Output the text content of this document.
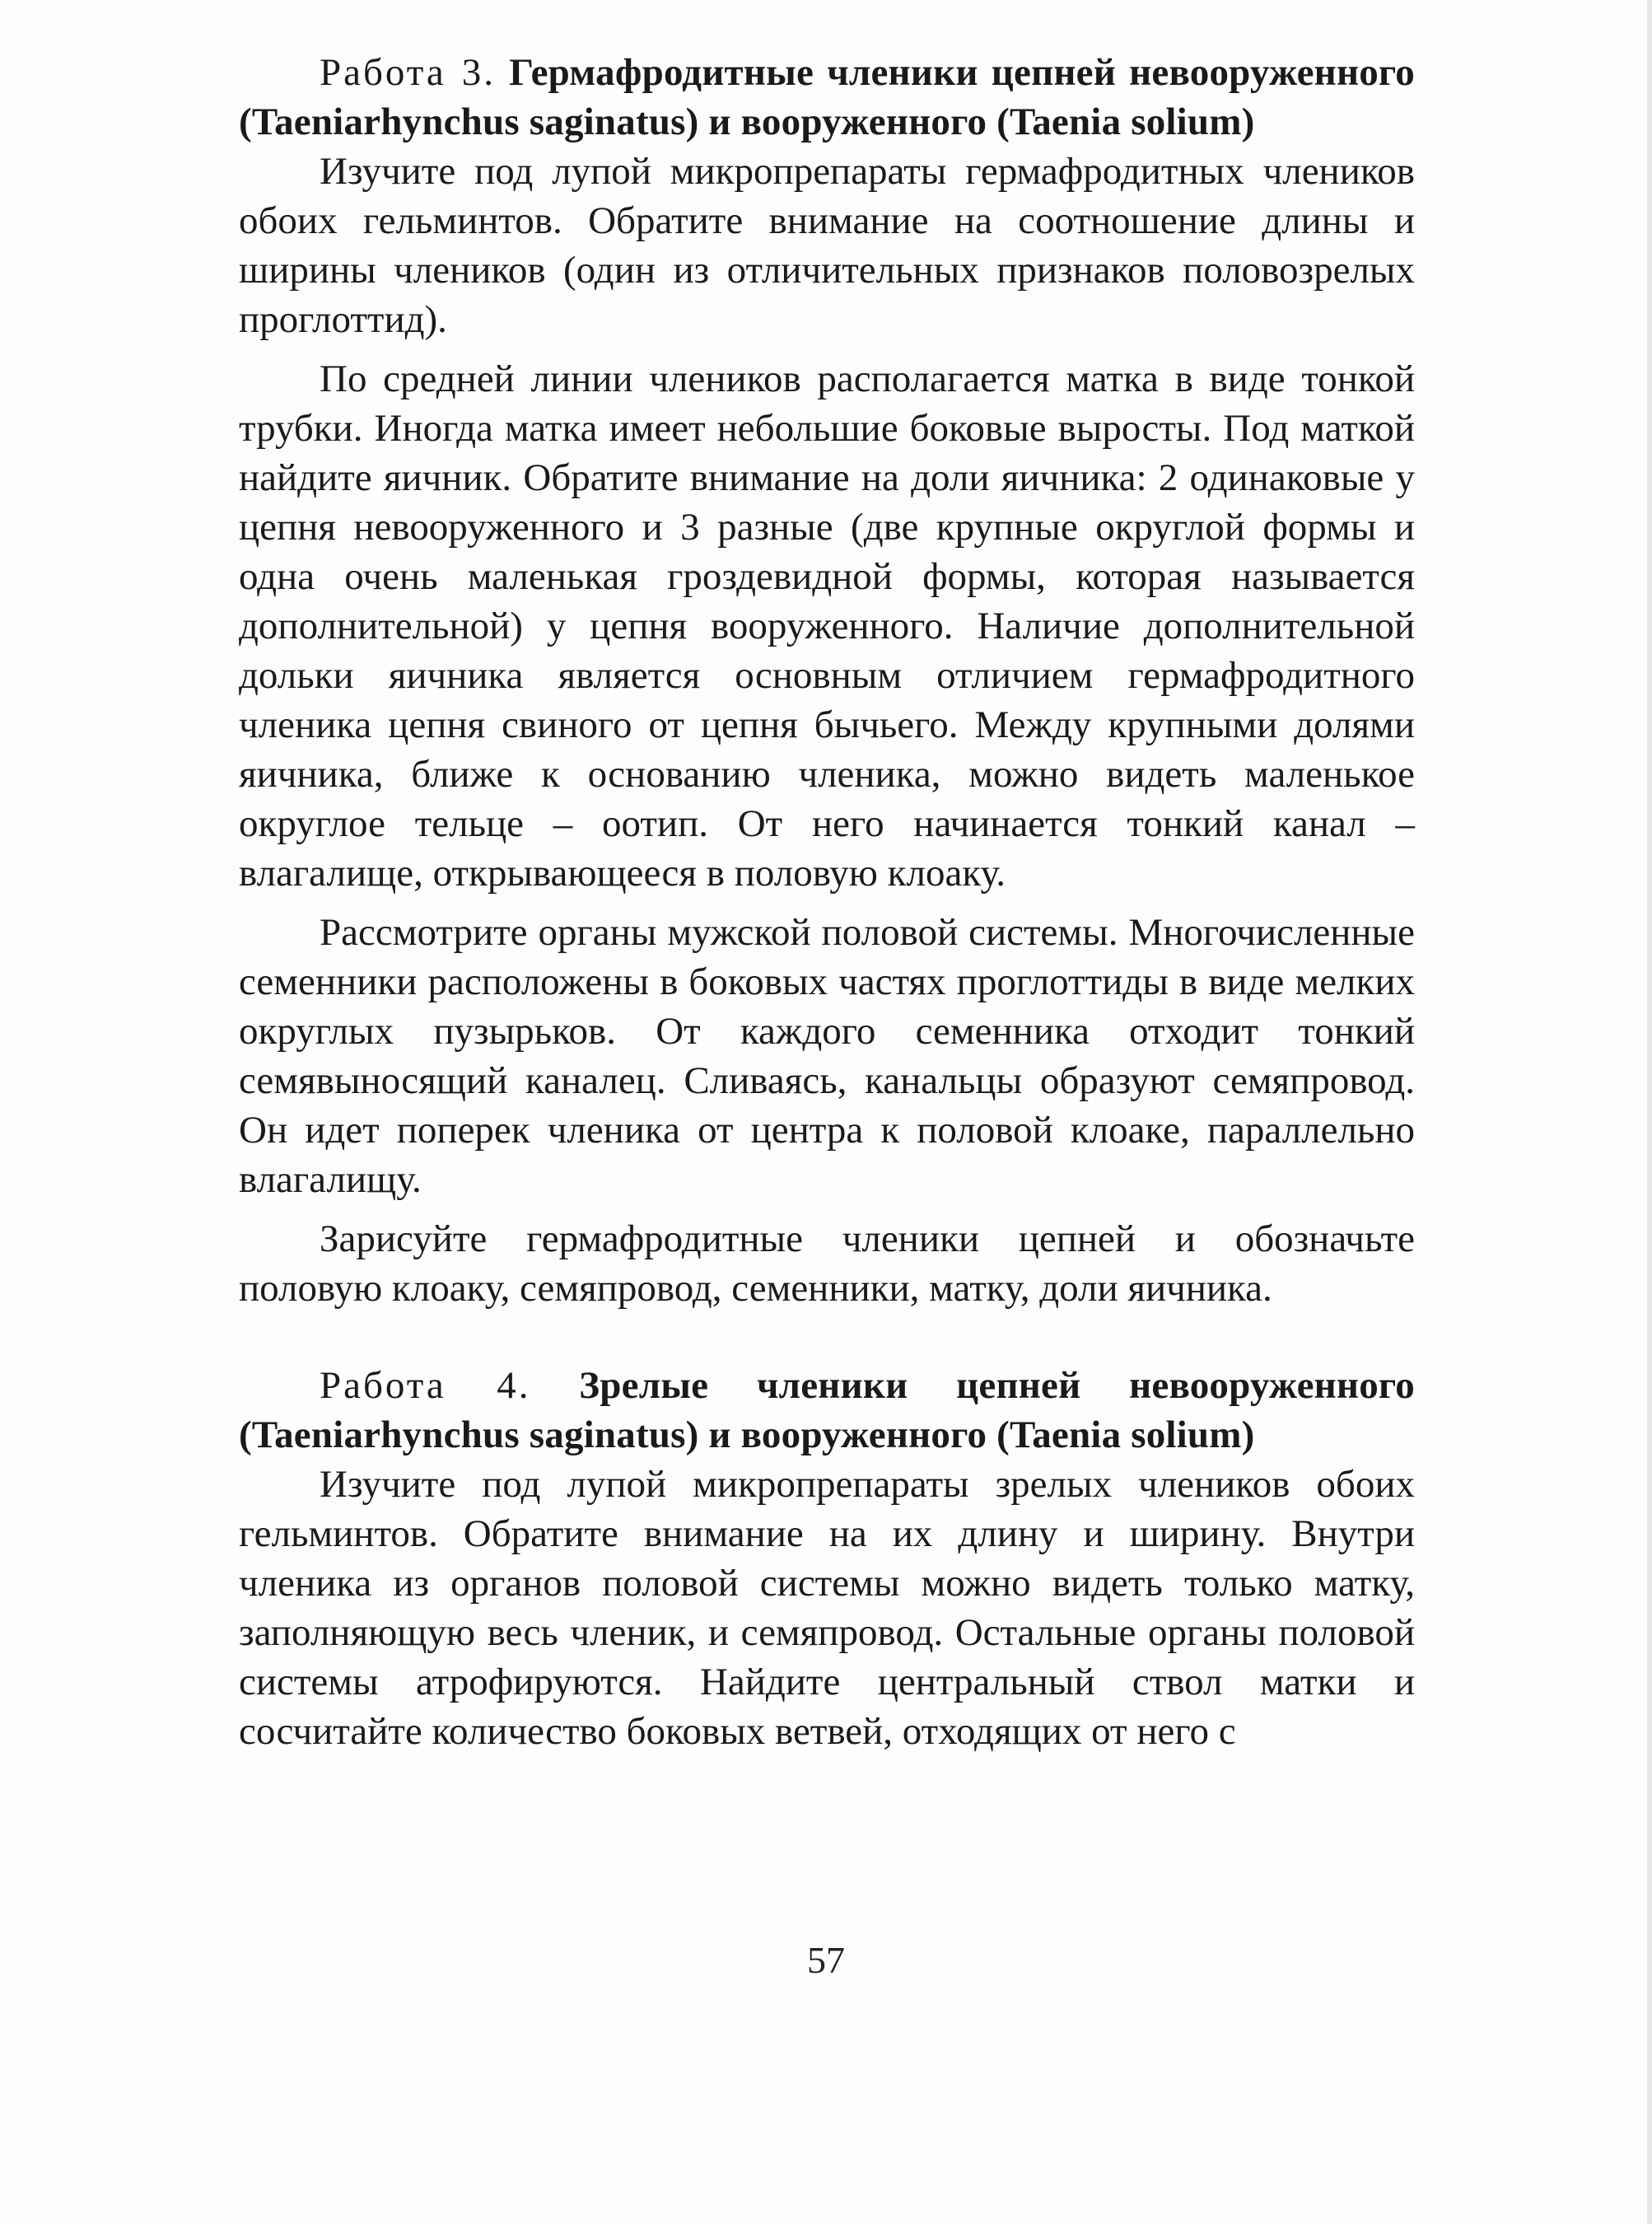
Работа 3. Гермафродитные членики цепней невооруженного (Taeniarhynchus saginatus) и вооруженного (Taenia solium)

Изучите под лупой микропрепараты гермафродитных члеников обоих гельминтов. Обратите внимание на соотношение длины и ширины члеников (один из отличительных признаков половозрелых проглоттид).

По средней линии члеников располагается матка в виде тонкой трубки. Иногда матка имеет небольшие боковые выросты. Под маткой найдите яичник. Обратите внимание на доли яичника: 2 одинаковые у цепня невооруженного и 3 разные (две крупные округлой формы и одна очень маленькая гроздевидной формы, которая называется дополнительной) у цепня вооруженного. Наличие дополнительной дольки яичника является основным отличием гермафродитного членика цепня свиного от цепня бычьего. Между крупными долями яичника, ближе к основанию членика, можно видеть маленькое округлое тельце – оотип. От него начинается тонкий канал – влагалище, открывающееся в половую клоаку.

Рассмотрите органы мужской половой системы. Многочисленные семенники расположены в боковых частях проглоттиды в виде мелких округлых пузырьков. От каждого семенника отходит тонкий семявыносящий каналец. Сливаясь, канальцы образуют семяпровод. Он идет поперек членика от центра к половой клоаке, параллельно влагалищу.

Зарисуйте гермафродитные членики цепней и обозначьте половую клоаку, семяпровод, семенники, матку, доли яичника.

Работа 4. Зрелые членики цепней невооруженного (Taeniarhynchus saginatus) и вооруженного (Taenia solium)

Изучите под лупой микропрепараты зрелых члеников обоих гельминтов. Обратите внимание на их длину и ширину. Внутри членика из органов половой системы можно видеть только матку, заполняющую весь членик, и семяпровод. Остальные органы половой системы атрофируются. Найдите центральный ствол матки и сосчитайте количество боковых ветвей, отходящих от него с

57
